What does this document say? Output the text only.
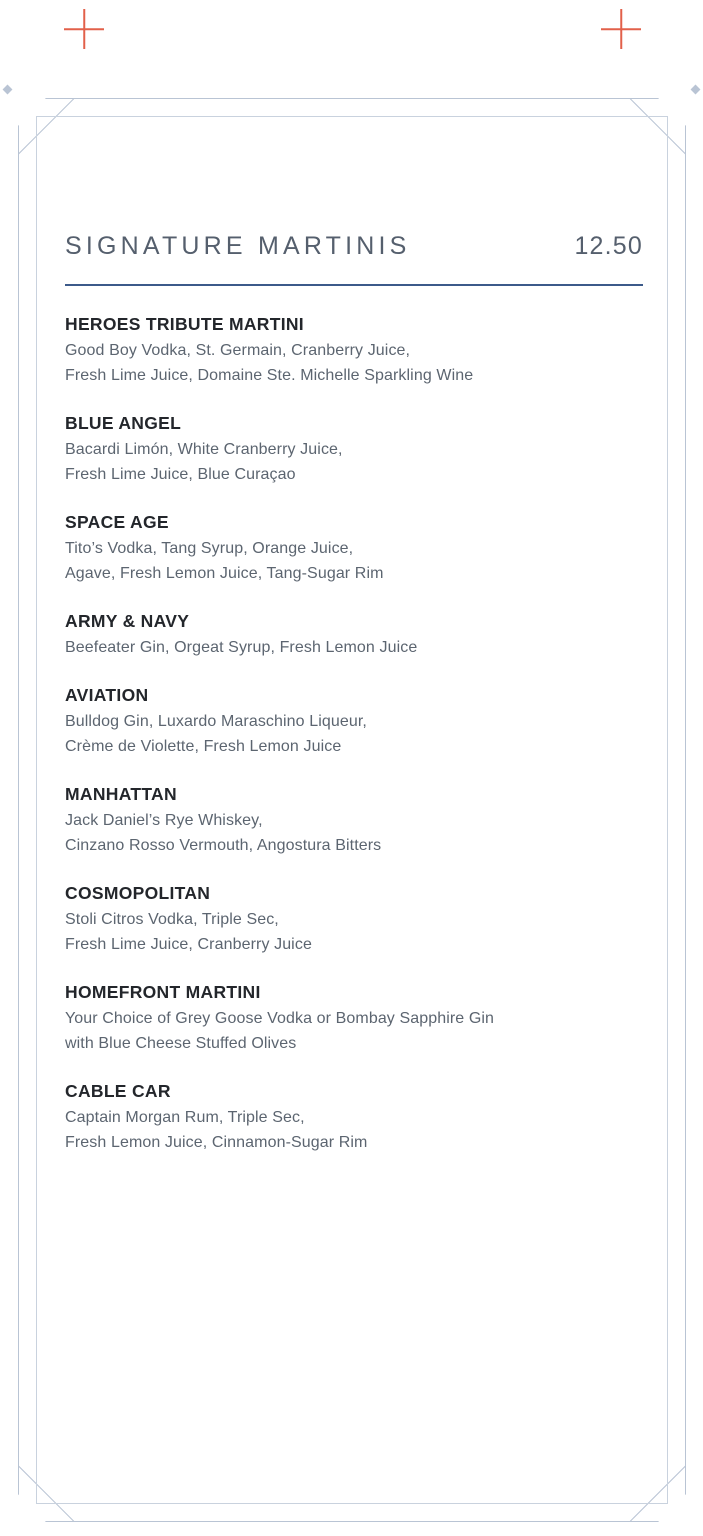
SIGNATURE MARTINIS	12.50
HEROES TRIBUTE MARTINI
Good Boy Vodka, St. Germain, Cranberry Juice,
Fresh Lime Juice, Domaine Ste. Michelle Sparkling Wine
BLUE ANGEL
Bacardi Limón, White Cranberry Juice,
Fresh Lime Juice, Blue Curaçao
SPACE AGE
Tito’s Vodka, Tang Syrup, Orange Juice,
Agave, Fresh Lemon Juice, Tang-Sugar Rim
ARMY & NAVY
Beefeater Gin, Orgeat Syrup, Fresh Lemon Juice
AVIATION
Bulldog Gin, Luxardo Maraschino Liqueur,
Crème de Violette, Fresh Lemon Juice
MANHATTAN
Jack Daniel’s Rye Whiskey,
Cinzano Rosso Vermouth, Angostura Bitters
COSMOPOLITAN
Stoli Citros Vodka, Triple Sec,
Fresh Lime Juice, Cranberry Juice
HOMEFRONT MARTINI
Your Choice of Grey Goose Vodka or Bombay Sapphire Gin
with Blue Cheese Stuffed Olives
CABLE CAR
Captain Morgan Rum, Triple Sec,
Fresh Lemon Juice, Cinnamon-Sugar Rim
